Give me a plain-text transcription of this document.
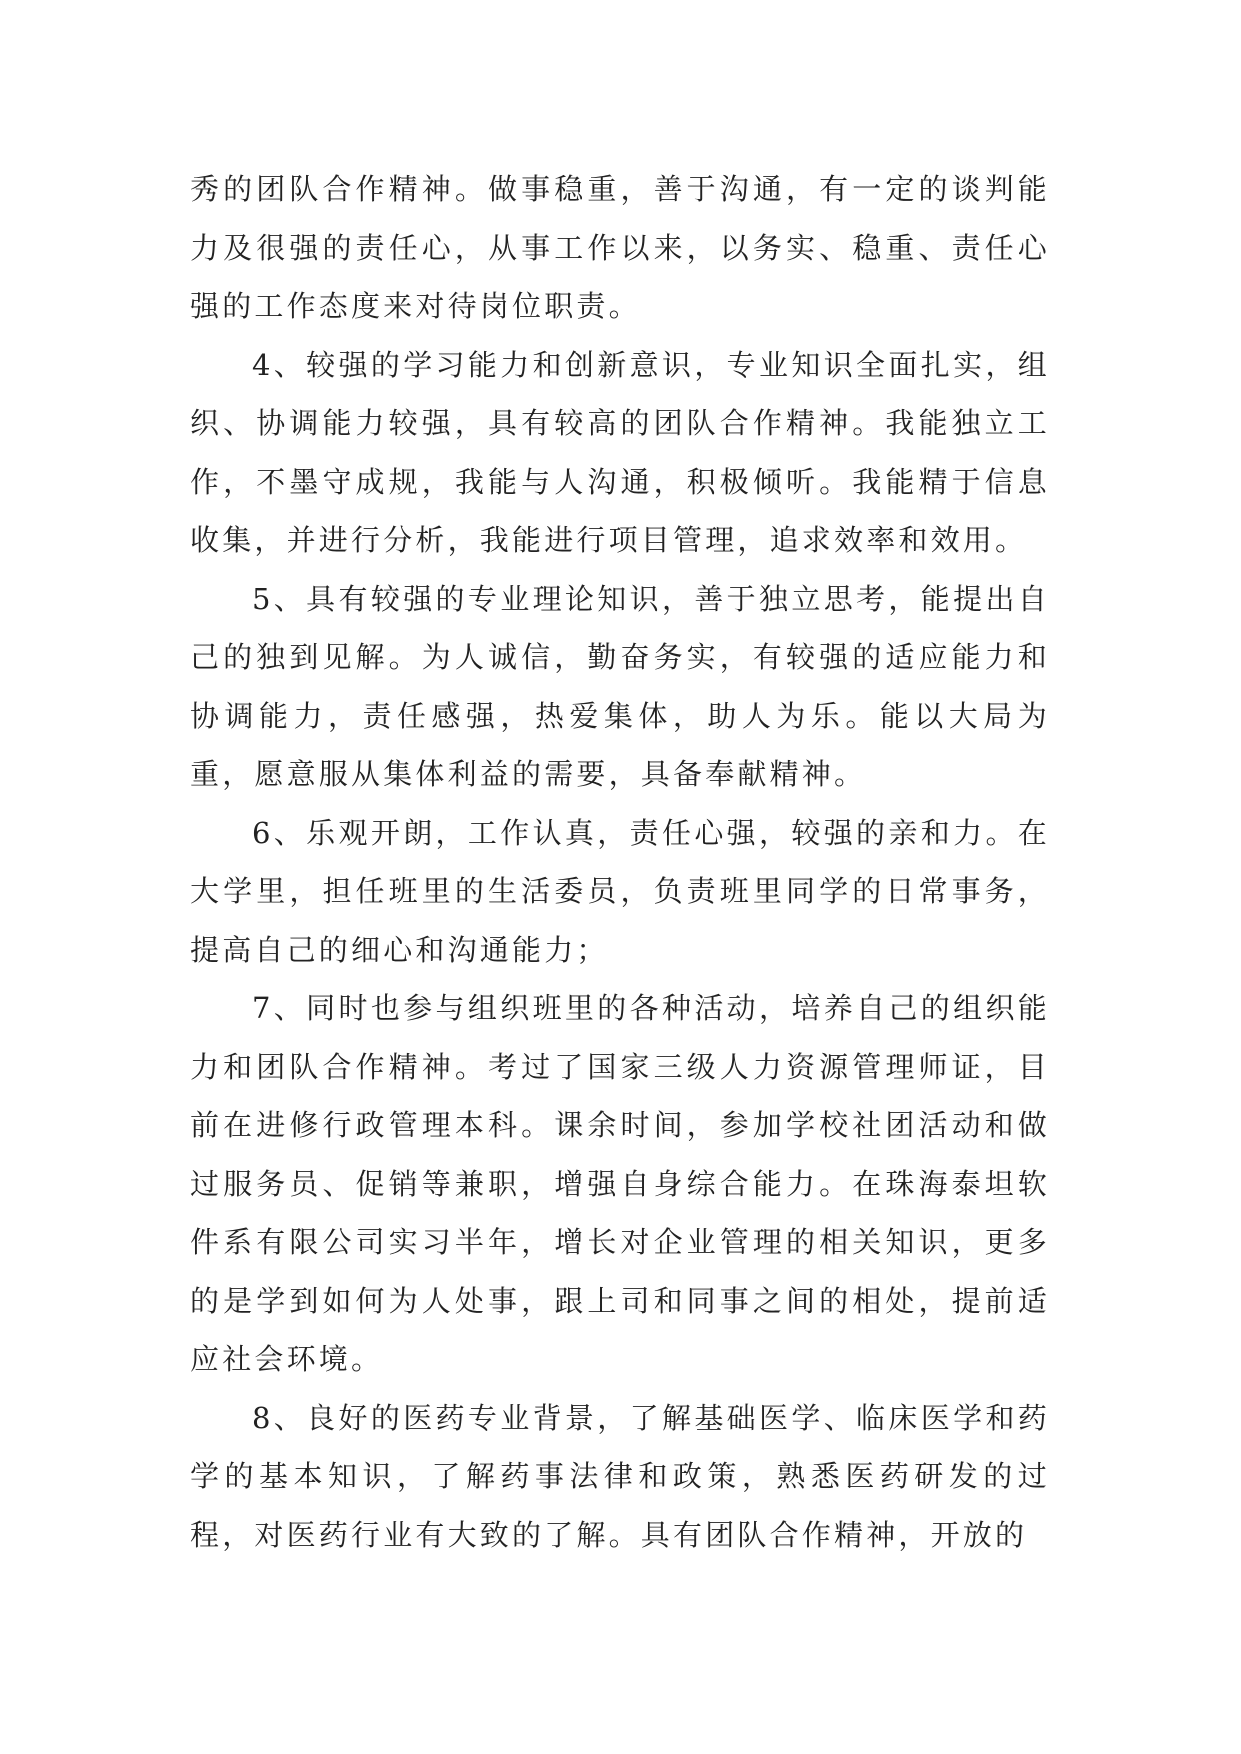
秀的团队合作精神。做事稳重，善于沟通，有一定的谈判能力及很强的责任心，从事工作以来，以务实、稳重、责任心强的工作态度来对待岗位职责。

4、较强的学习能力和创新意识，专业知识全面扎实，组织、协调能力较强，具有较高的团队合作精神。我能独立工作，不墨守成规，我能与人沟通，积极倾听。我能精于信息收集，并进行分析，我能进行项目管理，追求效率和效用。

5、具有较强的专业理论知识，善于独立思考，能提出自己的独到见解。为人诚信，勤奋务实，有较强的适应能力和协调能力，责任感强，热爱集体，助人为乐。能以大局为重，愿意服从集体利益的需要，具备奉献精神。

6、乐观开朗，工作认真，责任心强，较强的亲和力。在大学里，担任班里的生活委员，负责班里同学的日常事务，提高自己的细心和沟通能力；

7、同时也参与组织班里的各种活动，培养自己的组织能力和团队合作精神。考过了国家三级人力资源管理师证，目前在进修行政管理本科。课余时间，参加学校社团活动和做过服务员、促销等兼职，增强自身综合能力。在珠海泰坦软件系有限公司实习半年，增长对企业管理的相关知识，更多的是学到如何为人处事，跟上司和同事之间的相处，提前适应社会环境。

8、良好的医药专业背景，了解基础医学、临床医学和药学的基本知识，了解药事法律和政策，熟悉医药研发的过程，对医药行业有大致的了解。具有团队合作精神，开放的
